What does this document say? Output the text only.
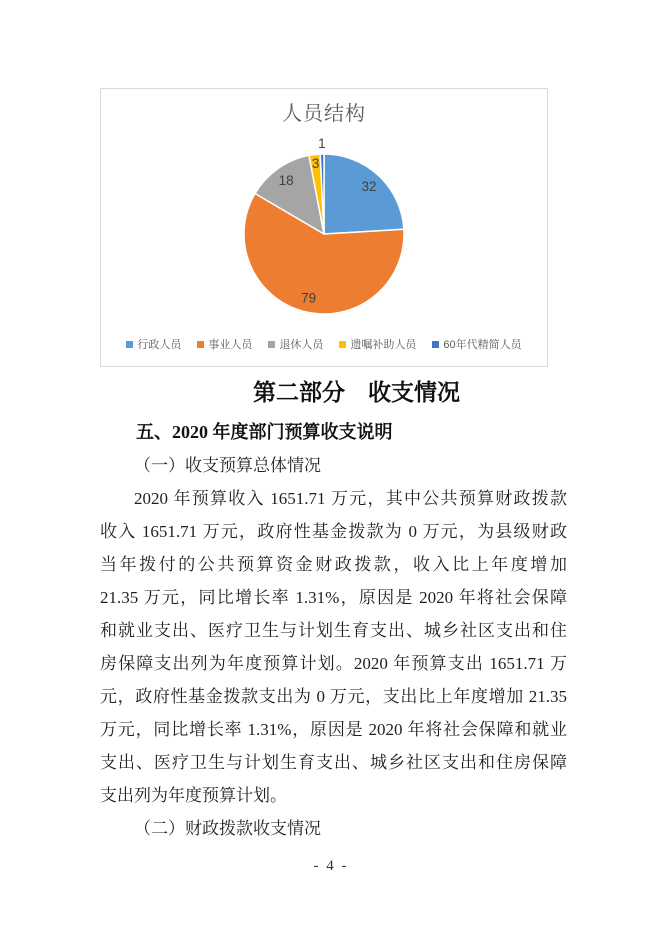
人员结构
32
79
18
3
1
行政人员 事业人员 退休人员 遗嘱补助人员 60年代精简人员
第二部分　收支情况
五、2020 年度部门预算收支说明
（一）收支预算总体情况
2020 年预算收入 1651.71 万元，其中公共预算财政拨款
收入 1651.71 万元，政府性基金拨款为 0 万元，为县级财政
当年拨付的公共预算资金财政拨款，收入比上年度增加
21.35 万元，同比增长率 1.31%，原因是 2020 年将社会保障
和就业支出、医疗卫生与计划生育支出、城乡社区支出和住
房保障支出列为年度预算计划。2020 年预算支出 1651.71 万
元，政府性基金拨款支出为 0 万元，支出比上年度增加 21.35
万元，同比增长率 1.31%，原因是 2020 年将社会保障和就业
支出、医疗卫生与计划生育支出、城乡社区支出和住房保障
支出列为年度预算计划。
（二）财政拨款收支情况
- 4 -
